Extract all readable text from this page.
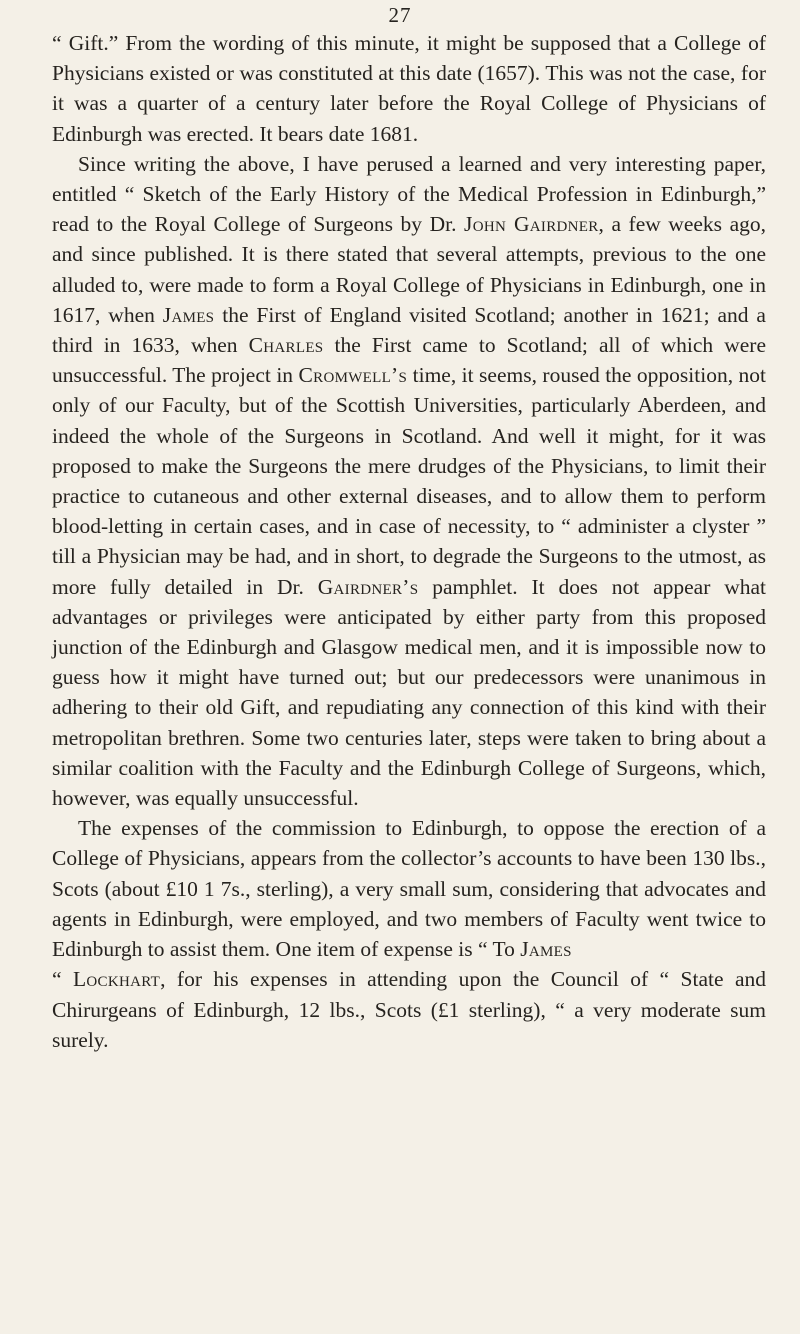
27

“ Gift.” From the wording of this minute, it might be supposed that a College of Physicians existed or was constituted at this date (1657). This was not the case, for it was a quarter of a century later before the Royal College of Physicians of Edinburgh was erected. It bears date 1681.

Since writing the above, I have perused a learned and very interesting paper, entitled “ Sketch of the Early History of the Medical Profession in Edinburgh,” read to the Royal College of Surgeons by Dr. John Gairdner, a few weeks ago, and since published. It is there stated that several attempts, previous to the one alluded to, were made to form a Royal College of Physicians in Edinburgh, one in 1617, when James the First of England visited Scotland; another in 1621; and a third in 1633, when Charles the First came to Scotland; all of which were unsuccessful. The project in Cromwell’s time, it seems, roused the opposition, not only of our Faculty, but of the Scottish Universities, particularly Aberdeen, and indeed the whole of the Surgeons in Scotland. And well it might, for it was proposed to make the Surgeons the mere drudges of the Physicians, to limit their practice to cutaneous and other external diseases, and to allow them to perform blood-letting in certain cases, and in case of necessity, to “ administer a clyster ” till a Physician may be had, and in short, to degrade the Surgeons to the utmost, as more fully detailed in Dr. Gairdner’s pamphlet. It does not appear what advantages or privileges were anticipated by either party from this proposed junction of the Edinburgh and Glasgow medical men, and it is impossible now to guess how it might have turned out; but our predecessors were unanimous in adhering to their old Gift, and repudiating any connection of this kind with their metropolitan brethren. Some two centuries later, steps were taken to bring about a similar coalition with the Faculty and the Edinburgh College of Surgeons, which, however, was equally unsuccessful.

The expenses of the commission to Edinburgh, to oppose the erection of a College of Physicians, appears from the collector’s accounts to have been 130 lbs., Scots (about £10 1 7s., sterling), a very small sum, considering that advocates and agents in Edinburgh, were employed, and two members of Faculty went twice to Edinburgh to assist them. One item of expense is “ To James
“ Lockhart, for his expenses in attending upon the Council of “ State and Chirurgeans of Edinburgh, 12 lbs., Scots (£1 sterling), “ a very moderate sum surely.
